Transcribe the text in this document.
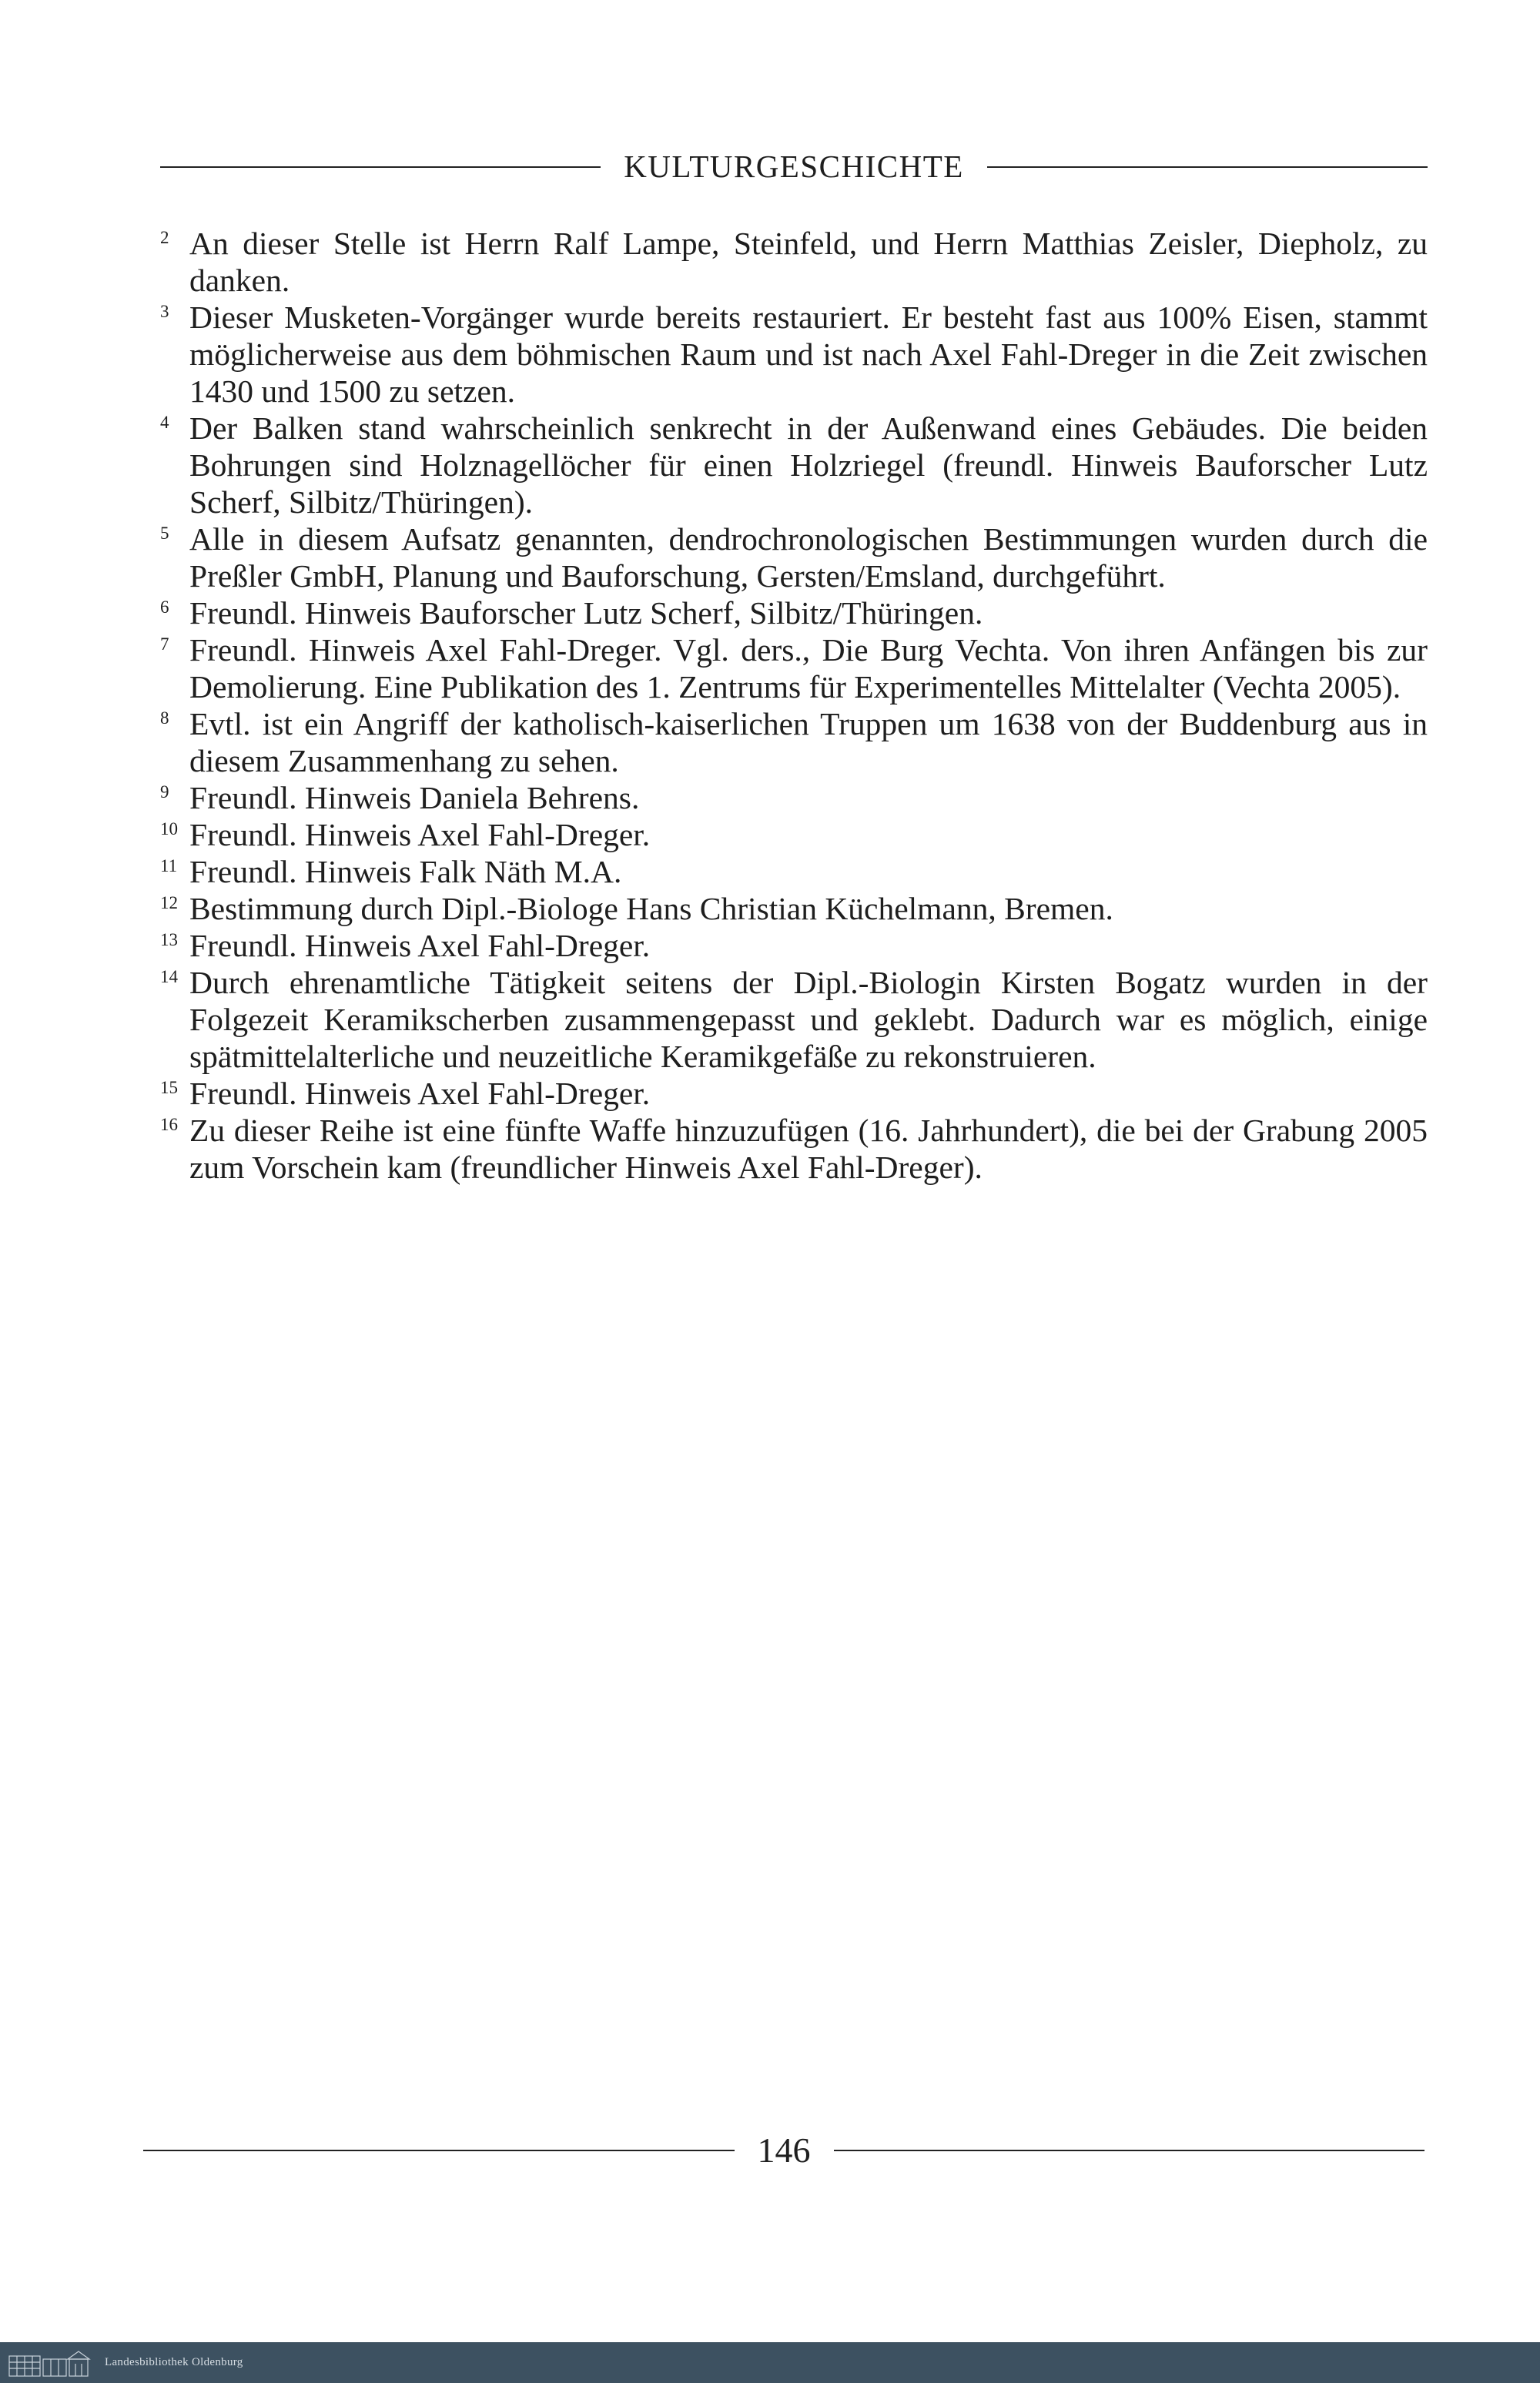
KULTURGESCHICHTE
2 An dieser Stelle ist Herrn Ralf Lampe, Steinfeld, und Herrn Matthias Zeisler, Diepholz, zu danken.
3 Dieser Musketen-Vorgänger wurde bereits restauriert. Er besteht fast aus 100% Eisen, stammt möglicherweise aus dem böhmischen Raum und ist nach Axel Fahl-Dreger in die Zeit zwischen 1430 und 1500 zu setzen.
4 Der Balken stand wahrscheinlich senkrecht in der Außenwand eines Gebäudes. Die beiden Bohrungen sind Holznagellöcher für einen Holzriegel (freundl. Hinweis Bauforscher Lutz Scherf, Silbitz/Thüringen).
5 Alle in diesem Aufsatz genannten, dendrochronologischen Bestimmungen wurden durch die Preßler GmbH, Planung und Bauforschung, Gersten/Emsland, durchgeführt.
6 Freundl. Hinweis Bauforscher Lutz Scherf, Silbitz/Thüringen.
7 Freundl. Hinweis Axel Fahl-Dreger. Vgl. ders., Die Burg Vechta. Von ihren Anfängen bis zur Demolierung. Eine Publikation des 1. Zentrums für Experimentelles Mittelalter (Vechta 2005).
8 Evtl. ist ein Angriff der katholisch-kaiserlichen Truppen um 1638 von der Buddenburg aus in diesem Zusammenhang zu sehen.
9 Freundl. Hinweis Daniela Behrens.
10 Freundl. Hinweis Axel Fahl-Dreger.
11 Freundl. Hinweis Falk Näth M.A.
12 Bestimmung durch Dipl.-Biologe Hans Christian Küchelmann, Bremen.
13 Freundl. Hinweis Axel Fahl-Dreger.
14 Durch ehrenamtliche Tätigkeit seitens der Dipl.-Biologin Kirsten Bogatz wurden in der Folgezeit Keramikscherben zusammengepasst und geklebt. Dadurch war es möglich, einige spätmittelalterliche und neuzeitliche Keramikgefäße zu rekonstruieren.
15 Freundl. Hinweis Axel Fahl-Dreger.
16 Zu dieser Reihe ist eine fünfte Waffe hinzuzufügen (16. Jahrhundert), die bei der Grabung 2005 zum Vorschein kam (freundlicher Hinweis Axel Fahl-Dreger).
146
Landesbibliothek Oldenburg
